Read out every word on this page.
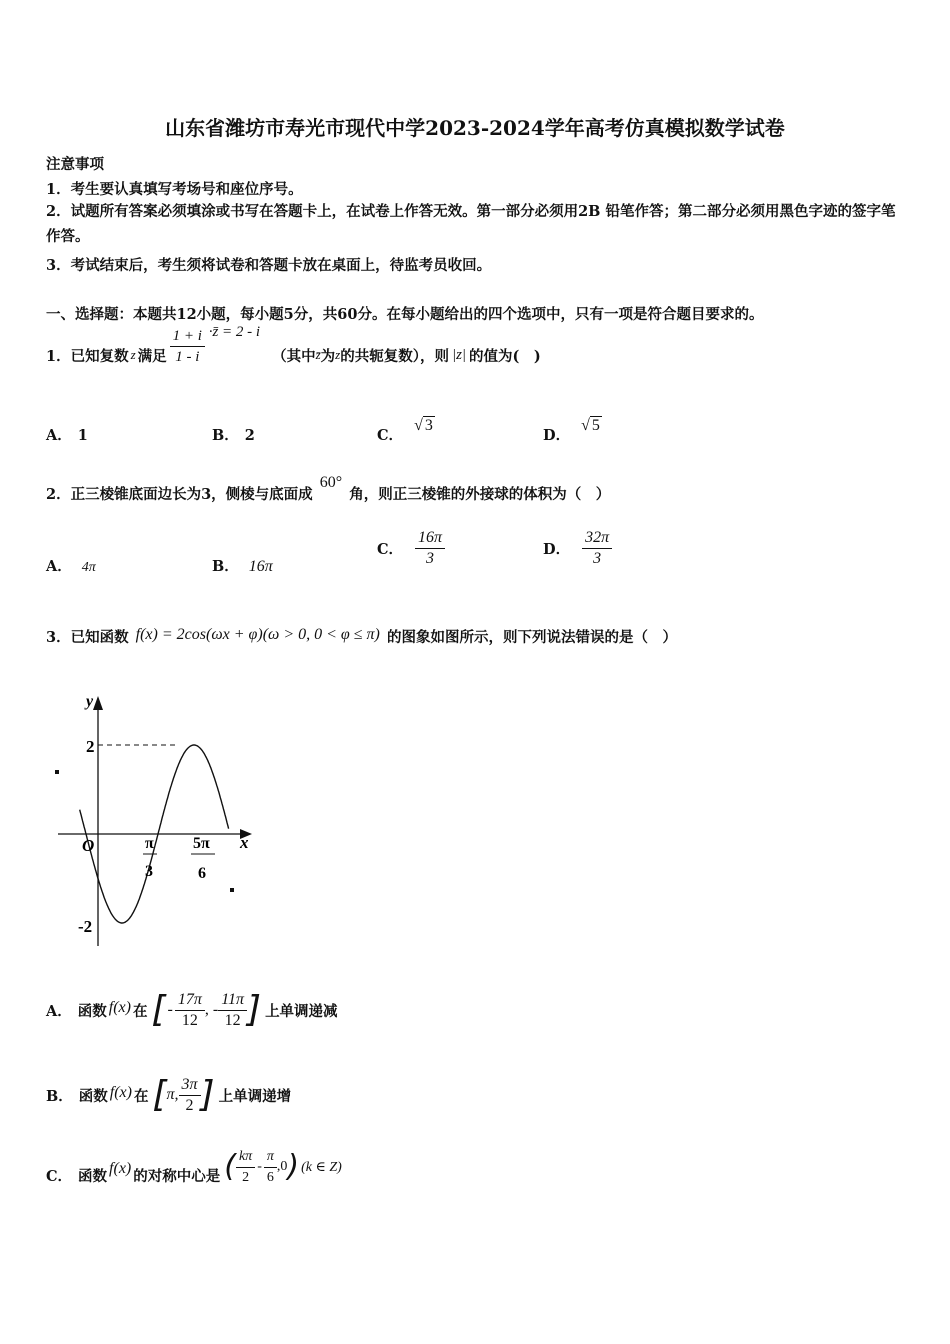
山东省潍坊市寿光市现代中学2023-2024学年高考仿真模拟数学试卷
注意事项
1．考生要认真填写考场号和座位序号。
2．试题所有答案必须填涂或书写在答题卡上，在试卷上作答无效。第一部分必须用2B 铅笔作答；第二部分必须用黑色字迹的签字笔作答。
3．考试结束后，考生须将试卷和答题卡放在桌面上，待监考员收回。
一、选择题：本题共12小题，每小题5分，共60分。在每小题给出的四个选项中，只有一项是符合题目要求的。
1．已知复数 z 满足 $\frac{1 + i}{1 - i}$ ·z̄ = 2 - i
（其中 z̄ 为 z 的共轭复数），则 |z| 的值为(　)
A． 1	B． 2	C． √ 3
D． √ 5
2．正三棱锥底面边长为3，侧棱与底面成 60° 角，则正三棱锥的外接球的体积为（　）
A． 4π	B． 16π
C． $\frac{16\pi}{3}$	D． $\frac{32\pi}{3}$
3．已知函数 f(x) = 2cos(ωx + φ)(ω > 0, 0 < φ ≤ π) 的图象如图所示，则下列说法错误的是（　）
y
x
O
2
-2
π
3
5π
6
A． 函数 f(x) 在 [ - $\frac{17\pi}{12}$ , - $\frac{11\pi}{12}$ ] 上单调递减
B． 函数 f(x) 在 [ π, $\frac{3\pi}{2}$ ] 上单调递增
C． 函数 f(x) 的对称中心是 ( $\frac{k\pi}{2} - \frac{\pi}{6} ,0$ ) (k ∈ Z)
